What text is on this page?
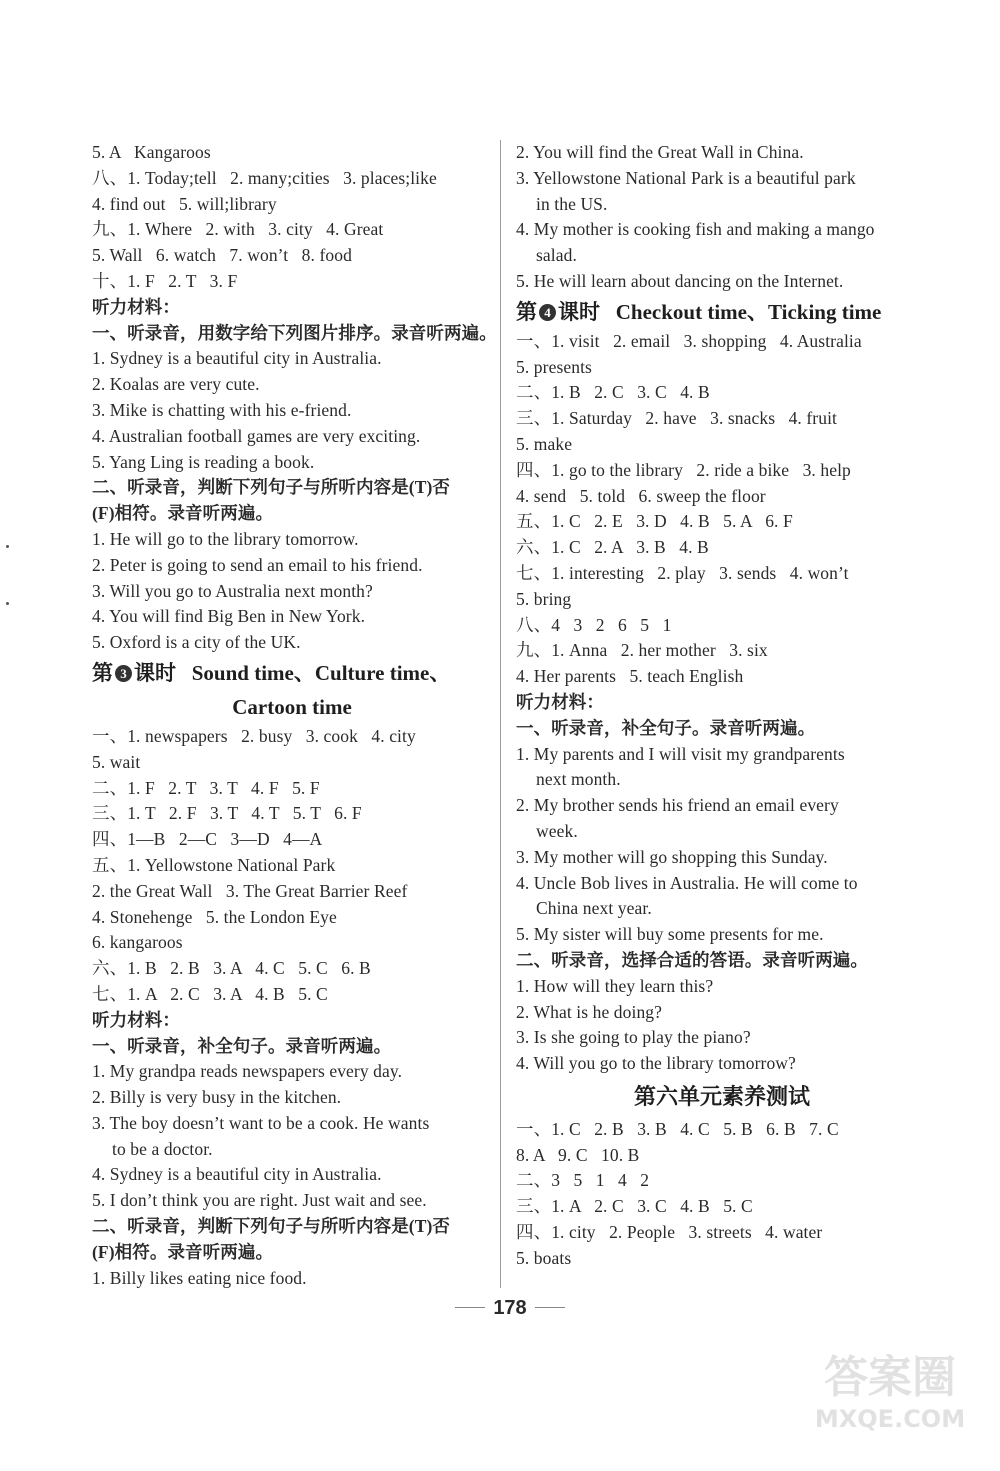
5. A   Kangaroos
八、1. Today;tell   2. many;cities   3. places;like
4. find out   5. will;library
九、1. Where   2. with   3. city   4. Great
5. Wall   6. watch   7. won’t   8. food
十、1. F   2. T   3. F
听力材料：
一、听录音，用数字给下列图片排序。录音听两遍。
1. Sydney is a beautiful city in Australia.
2. Koalas are very cute.
3. Mike is chatting with his e-friend.
4. Australian football games are very exciting.
5. Yang Ling is reading a book.
二、听录音，判断下列句子与所听内容是(T)否
(F)相符。录音听两遍。
1. He will go to the library tomorrow.
2. Peter is going to send an email to his friend.
3. Will you go to Australia next month?
4. You will find Big Ben in New York.
5. Oxford is a city of the UK.
第 3 课时   Sound time、Culture time、
Cartoon time
一、1. newspapers   2. busy   3. cook   4. city
5. wait
二、1. F   2. T   3. T   4. F   5. F
三、1. T   2. F   3. T   4. T   5. T   6. F
四、1—B   2—C   3—D   4—A
五、1. Yellowstone National Park
2. the Great Wall   3. The Great Barrier Reef
4. Stonehenge   5. the London Eye
6. kangaroos
六、1. B   2. B   3. A   4. C   5. C   6. B
七、1. A   2. C   3. A   4. B   5. C
听力材料：
一、听录音，补全句子。录音听两遍。
1. My grandpa reads newspapers every day.
2. Billy is very busy in the kitchen.
3. The boy doesn’t want to be a cook. He wants
to be a doctor.
4. Sydney is a beautiful city in Australia.
5. I don’t think you are right. Just wait and see.
二、听录音，判断下列句子与所听内容是(T)否
(F)相符。录音听两遍。
1. Billy likes eating nice food.
2. You will find the Great Wall in China.
3. Yellowstone National Park is a beautiful park
in the US.
4. My mother is cooking fish and making a mango
salad.
5. He will learn about dancing on the Internet.
第 4 课时   Checkout time、Ticking time
一、1. visit   2. email   3. shopping   4. Australia
5. presents
二、1. B   2. C   3. C   4. B
三、1. Saturday   2. have   3. snacks   4. fruit
5. make
四、1. go to the library   2. ride a bike   3. help
4. send   5. told   6. sweep the floor
五、1. C   2. E   3. D   4. B   5. A   6. F
六、1. C   2. A   3. B   4. B
七、1. interesting   2. play   3. sends   4. won’t
5. bring
八、4   3   2   6   5   1
九、1. Anna   2. her mother   3. six
4. Her parents   5. teach English
听力材料：
一、听录音，补全句子。录音听两遍。
1. My parents and I will visit my grandparents
next month.
2. My brother sends his friend an email every
week.
3. My mother will go shopping this Sunday.
4. Uncle Bob lives in Australia. He will come to
China next year.
5. My sister will buy some presents for me.
二、听录音，选择合适的答语。录音听两遍。
1. How will they learn this?
2. What is he doing?
3. Is she going to play the piano?
4. Will you go to the library tomorrow?
第六单元素养测试
一、1. C   2. B   3. B   4. C   5. B   6. B   7. C
8. A   9. C   10. B
二、3   5   1   4   2
三、1. A   2. C   3. C   4. B   5. C
四、1. city   2. People   3. streets   4. water
5. boats
178
答案圈
MXQE.COM
